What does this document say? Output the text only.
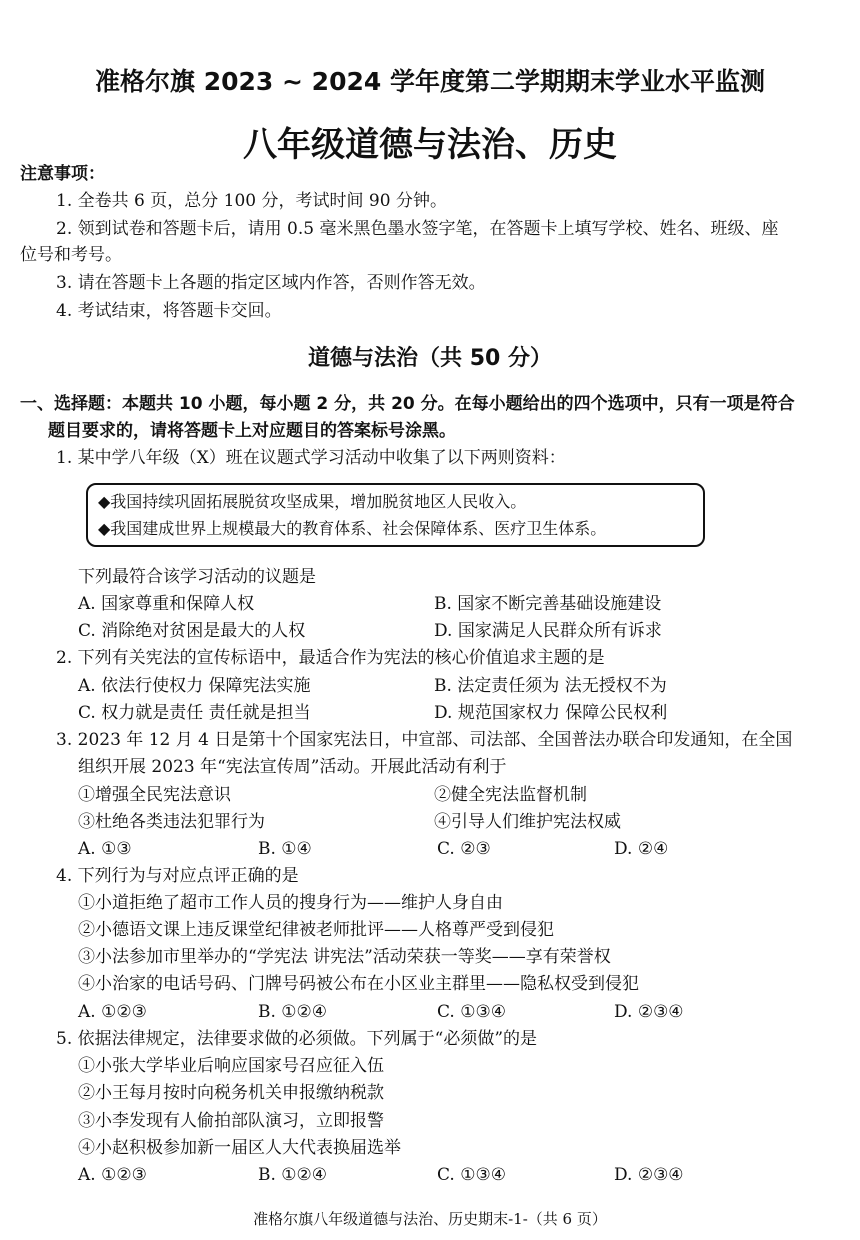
准格尔旗 2023 ~ 2024 学年度第二学期期末学业水平监测
八年级道德与法治、历史
注意事项：
1. 全卷共 6 页，总分 100 分，考试时间 90 分钟。
2. 领到试卷和答题卡后，请用 0.5 毫米黑色墨水签字笔，在答题卡上填写学校、姓名、班级、座
位号和考号。
3. 请在答题卡上各题的指定区域内作答，否则作答无效。
4. 考试结束，将答题卡交回。
道德与法治（共 50 分）
一、选择题：本题共 10 小题，每小题 2 分，共 20 分。在每小题给出的四个选项中，只有一项是符合
题目要求的，请将答题卡上对应题目的答案标号涂黑。
1. 某中学八年级（X）班在议题式学习活动中收集了以下两则资料：
◆我国持续巩固拓展脱贫攻坚成果，增加脱贫地区人民收入。
◆我国建成世界上规模最大的教育体系、社会保障体系、医疗卫生体系。
下列最符合该学习活动的议题是
A. 国家尊重和保障人权	B. 国家不断完善基础设施建设
C. 消除绝对贫困是最大的人权	D. 国家满足人民群众所有诉求
2. 下列有关宪法的宣传标语中，最适合作为宪法的核心价值追求主题的是
A. 依法行使权力 保障宪法实施	B. 法定责任须为 法无授权不为
C. 权力就是责任 责任就是担当	D. 规范国家权力 保障公民权利
3. 2023 年 12 月 4 日是第十个国家宪法日，中宣部、司法部、全国普法办联合印发通知，在全国
组织开展 2023 年“宪法宣传周”活动。开展此活动有利于
①增强全民宪法意识	②健全宪法监督机制
③杜绝各类违法犯罪行为	④引导人们维护宪法权威
A. ①③	B. ①④	C. ②③	D. ②④
4. 下列行为与对应点评正确的是
①小道拒绝了超市工作人员的搜身行为——维护人身自由
②小德语文课上违反课堂纪律被老师批评——人格尊严受到侵犯
③小法参加市里举办的“学宪法 讲宪法”活动荣获一等奖——享有荣誉权
④小治家的电话号码、门牌号码被公布在小区业主群里——隐私权受到侵犯
A. ①②③	B. ①②④	C. ①③④	D. ②③④
5. 依据法律规定，法律要求做的必须做。下列属于“必须做”的是
①小张大学毕业后响应国家号召应征入伍
②小王每月按时向税务机关申报缴纳税款
③小李发现有人偷拍部队演习，立即报警
④小赵积极参加新一届区人大代表换届选举
A. ①②③	B. ①②④	C. ①③④	D. ②③④
准格尔旗八年级道德与法治、历史期末-1-（共 6 页）
